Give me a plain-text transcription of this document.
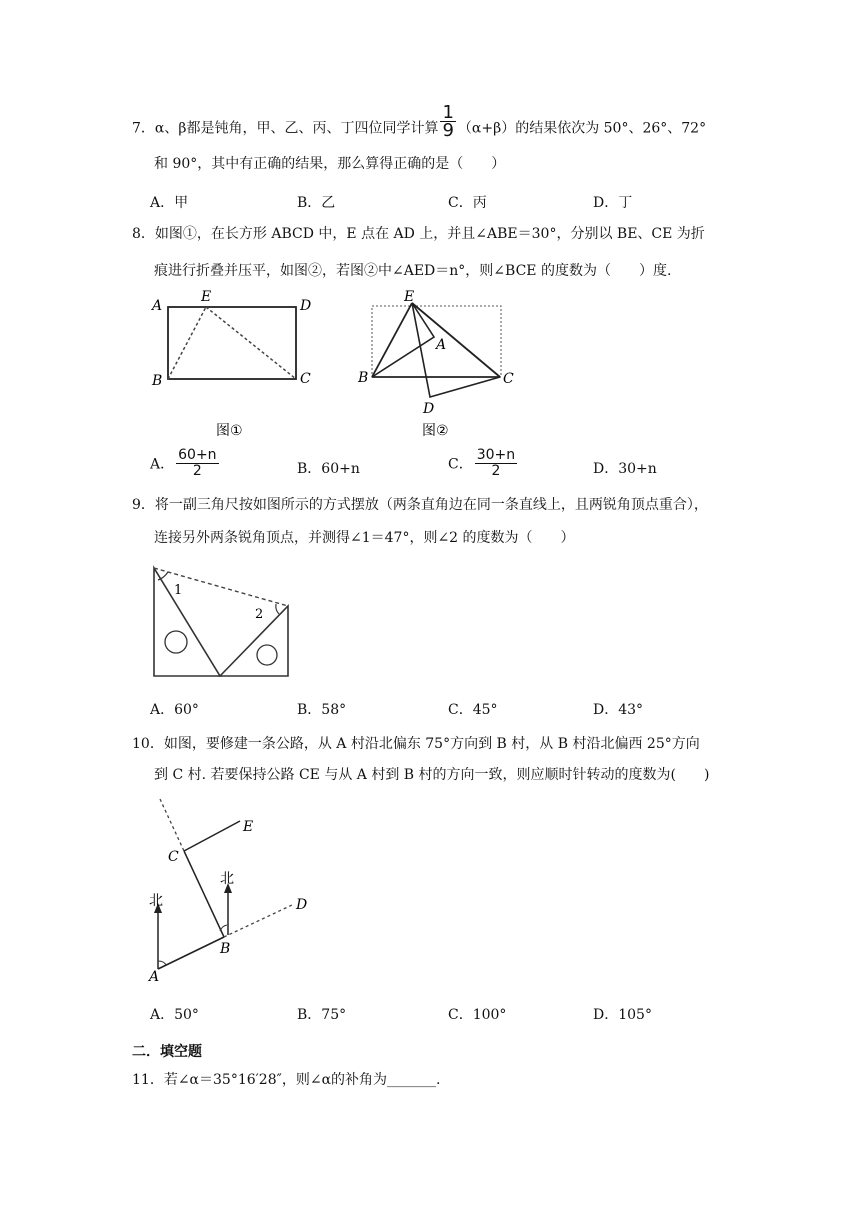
7．α、β都是钝角，甲、乙、丙、丁四位同学计算 $\frac{1}{9} (\alpha+\beta)$的结果依次为 50°、26°、72°
和 90°，其中有正确的结果，那么算得正确的是（　　）
A．甲	B．乙	C．丙	D．丁
8．如图①，在长方形 ABCD 中，E 点在 AD 上，并且∠ABE＝30°，分别以 BE、CE 为折
痕进行折叠并压平，如图②，若图②中∠AED＝n°，则∠BCE 的度数为（　　）度.
A
E
D
B	C
图①
E
A
B	C
D
图②
A． $\frac{60+n}{2}$	B．60+n	C． $\frac{30+n}{2}$	D．30+n
9．将一副三角尺按如图所示的方式摆放（两条直角边在同一条直线上，且两锐角顶点重合），
连接另外两条锐角顶点，并测得∠1＝47°，则∠2 的度数为（　　）
1
2
A．60°	B．58°	C．45°	D．43°
10．如图，要修建一条公路，从 A 村沿北偏东 75°方向到 B 村，从 B 村沿北偏西 25°方向
到 C 村. 若要保持公路 CE 与从 A 村到 B 村的方向一致，则应顺时针转动的度数为(　　)
E
C
北
北
D
A
B
A．50°	B．75°	C．100°	D．105°
二．填空题
11．若∠α＝35°16′28″，则∠α的补角为_______.
